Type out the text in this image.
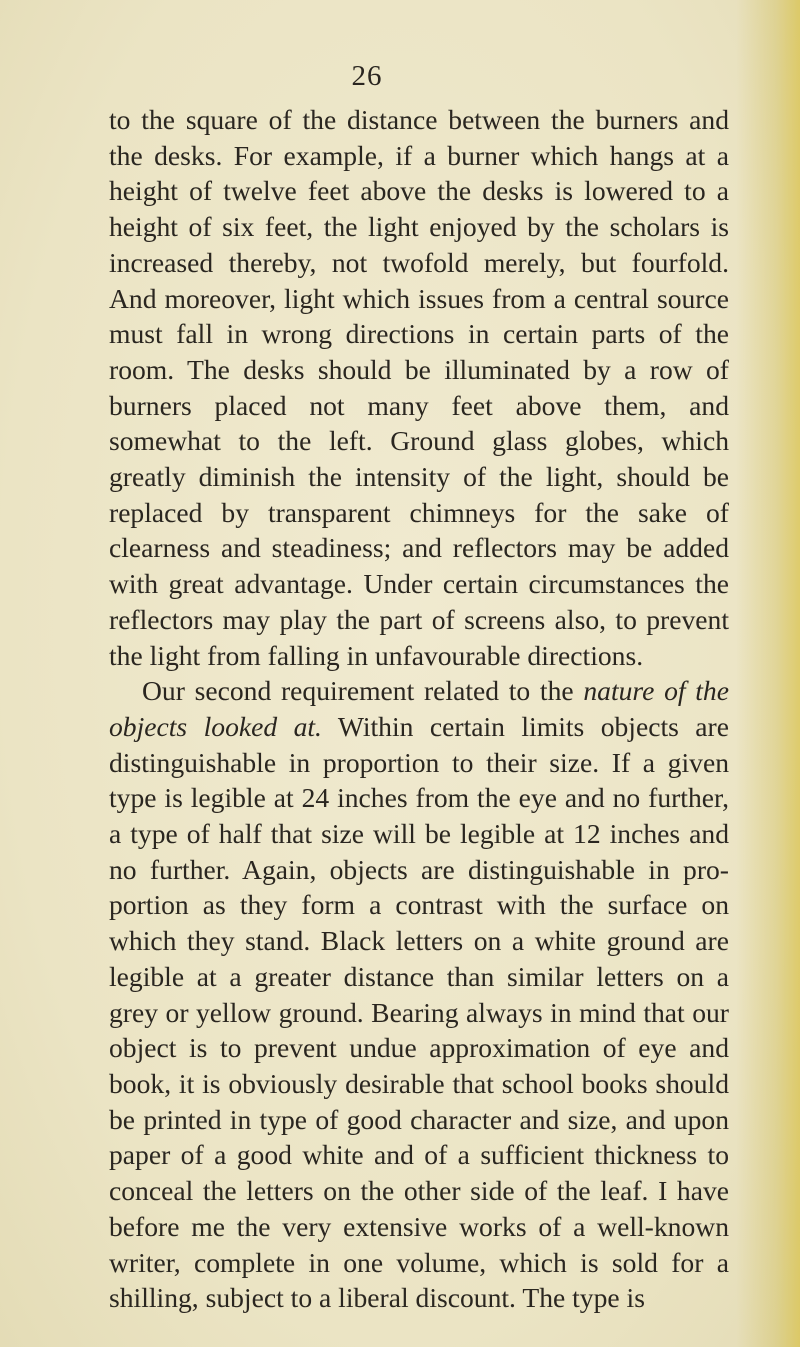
26

to the square of the distance between the burners and the desks. For example, if a burner which hangs at a height of twelve feet above the desks is lowered to a height of six feet, the light enjoyed by the scholars is increased thereby, not twofold merely, but fourfold. And moreover, light which issues from a central source must fall in wrong directions in certain parts of the room. The desks should be illuminated by a row of burners placed not many feet above them, and somewhat to the left. Ground glass globes, which greatly diminish the intensity of the light, should be replaced by transparent chimneys for the sake of clearness and steadiness; and reflectors may be added with great advantage. Under certain circumstances the reflectors may play the part of screens also, to prevent the light from falling in unfavourable directions.

Our second requirement related to the nature of the objects looked at. Within certain limits objects are distinguishable in proportion to their size. If a given type is legible at 24 inches from the eye and no further, a type of half that size will be legible at 12 inches and no further. Again, objects are distinguishable in pro- portion as they form a contrast with the surface on which they stand. Black letters on a white ground are legible at a greater distance than similar letters on a grey or yellow ground. Bearing always in mind that our object is to prevent undue approximation of eye and book, it is obviously desirable that school books should be printed in type of good character and size, and upon paper of a good white and of a sufficient thickness to conceal the letters on the other side of the leaf. I have before me the very extensive works of a well-known writer, complete in one volume, which is sold for a shilling, subject to a liberal discount. The type is
